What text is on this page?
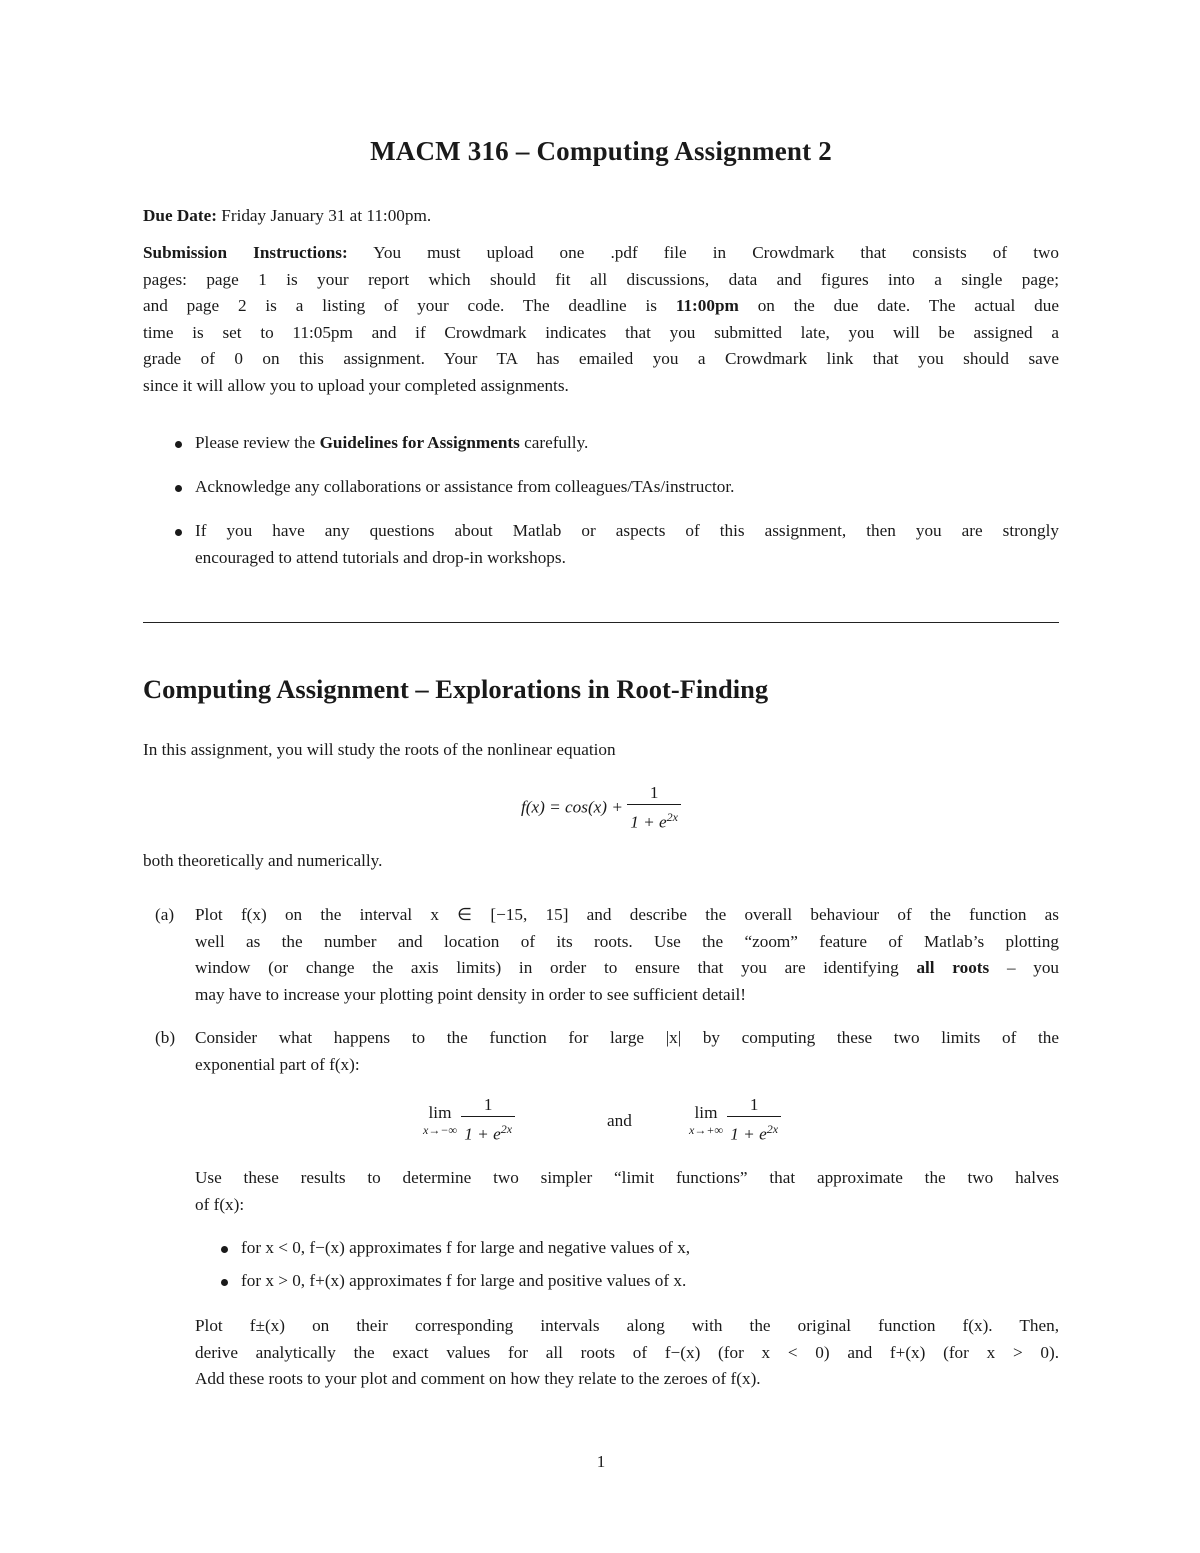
MACM 316 – Computing Assignment 2
Due Date: Friday January 31 at 11:00pm.
Submission Instructions: You must upload one .pdf file in Crowdmark that consists of two
pages: page 1 is your report which should fit all discussions, data and figures into a single page;
and page 2 is a listing of your code. The deadline is 11:00pm on the due date. The actual due
time is set to 11:05pm and if Crowdmark indicates that you submitted late, you will be assigned a
grade of 0 on this assignment. Your TA has emailed you a Crowdmark link that you should save
since it will allow you to upload your completed assignments.
Please review the Guidelines for Assignments carefully.
Acknowledge any collaborations or assistance from colleagues/TAs/instructor.
If you have any questions about Matlab or aspects of this assignment, then you are strongly
encouraged to attend tutorials and drop-in workshops.
Computing Assignment – Explorations in Root-Finding
In this assignment, you will study the roots of the nonlinear equation
$f(x) = \cos(x) + \frac{1}{1 + e^{2x}}$
both theoretically and numerically.
(a) Plot f(x) on the interval x ∈ [−15, 15] and describe the overall behaviour of the function as
well as the number and location of its roots. Use the “zoom” feature of Matlab’s plotting
window (or change the axis limits) in order to ensure that you are identifying all roots – you
may have to increase your plotting point density in order to see sufficient detail!
(b) Consider what happens to the function for large |x| by computing these two limits of the
exponential part of f(x):
lim
x→−∞
$\frac{1}{1 + e^{2x}}$	and	lim
x→+∞
$\frac{1}{1 + e^{2x}}$
Use these results to determine two simpler “limit functions” that approximate the two halves
of f(x):
for x < 0, f−(x) approximates f for large and negative values of x,
for x > 0, f+(x) approximates f for large and positive values of x.
Plot f±(x) on their corresponding intervals along with the original function f(x). Then,
derive analytically the exact values for all roots of f−(x) (for x < 0) and f+(x) (for x > 0).
Add these roots to your plot and comment on how they relate to the zeroes of f(x).
1
